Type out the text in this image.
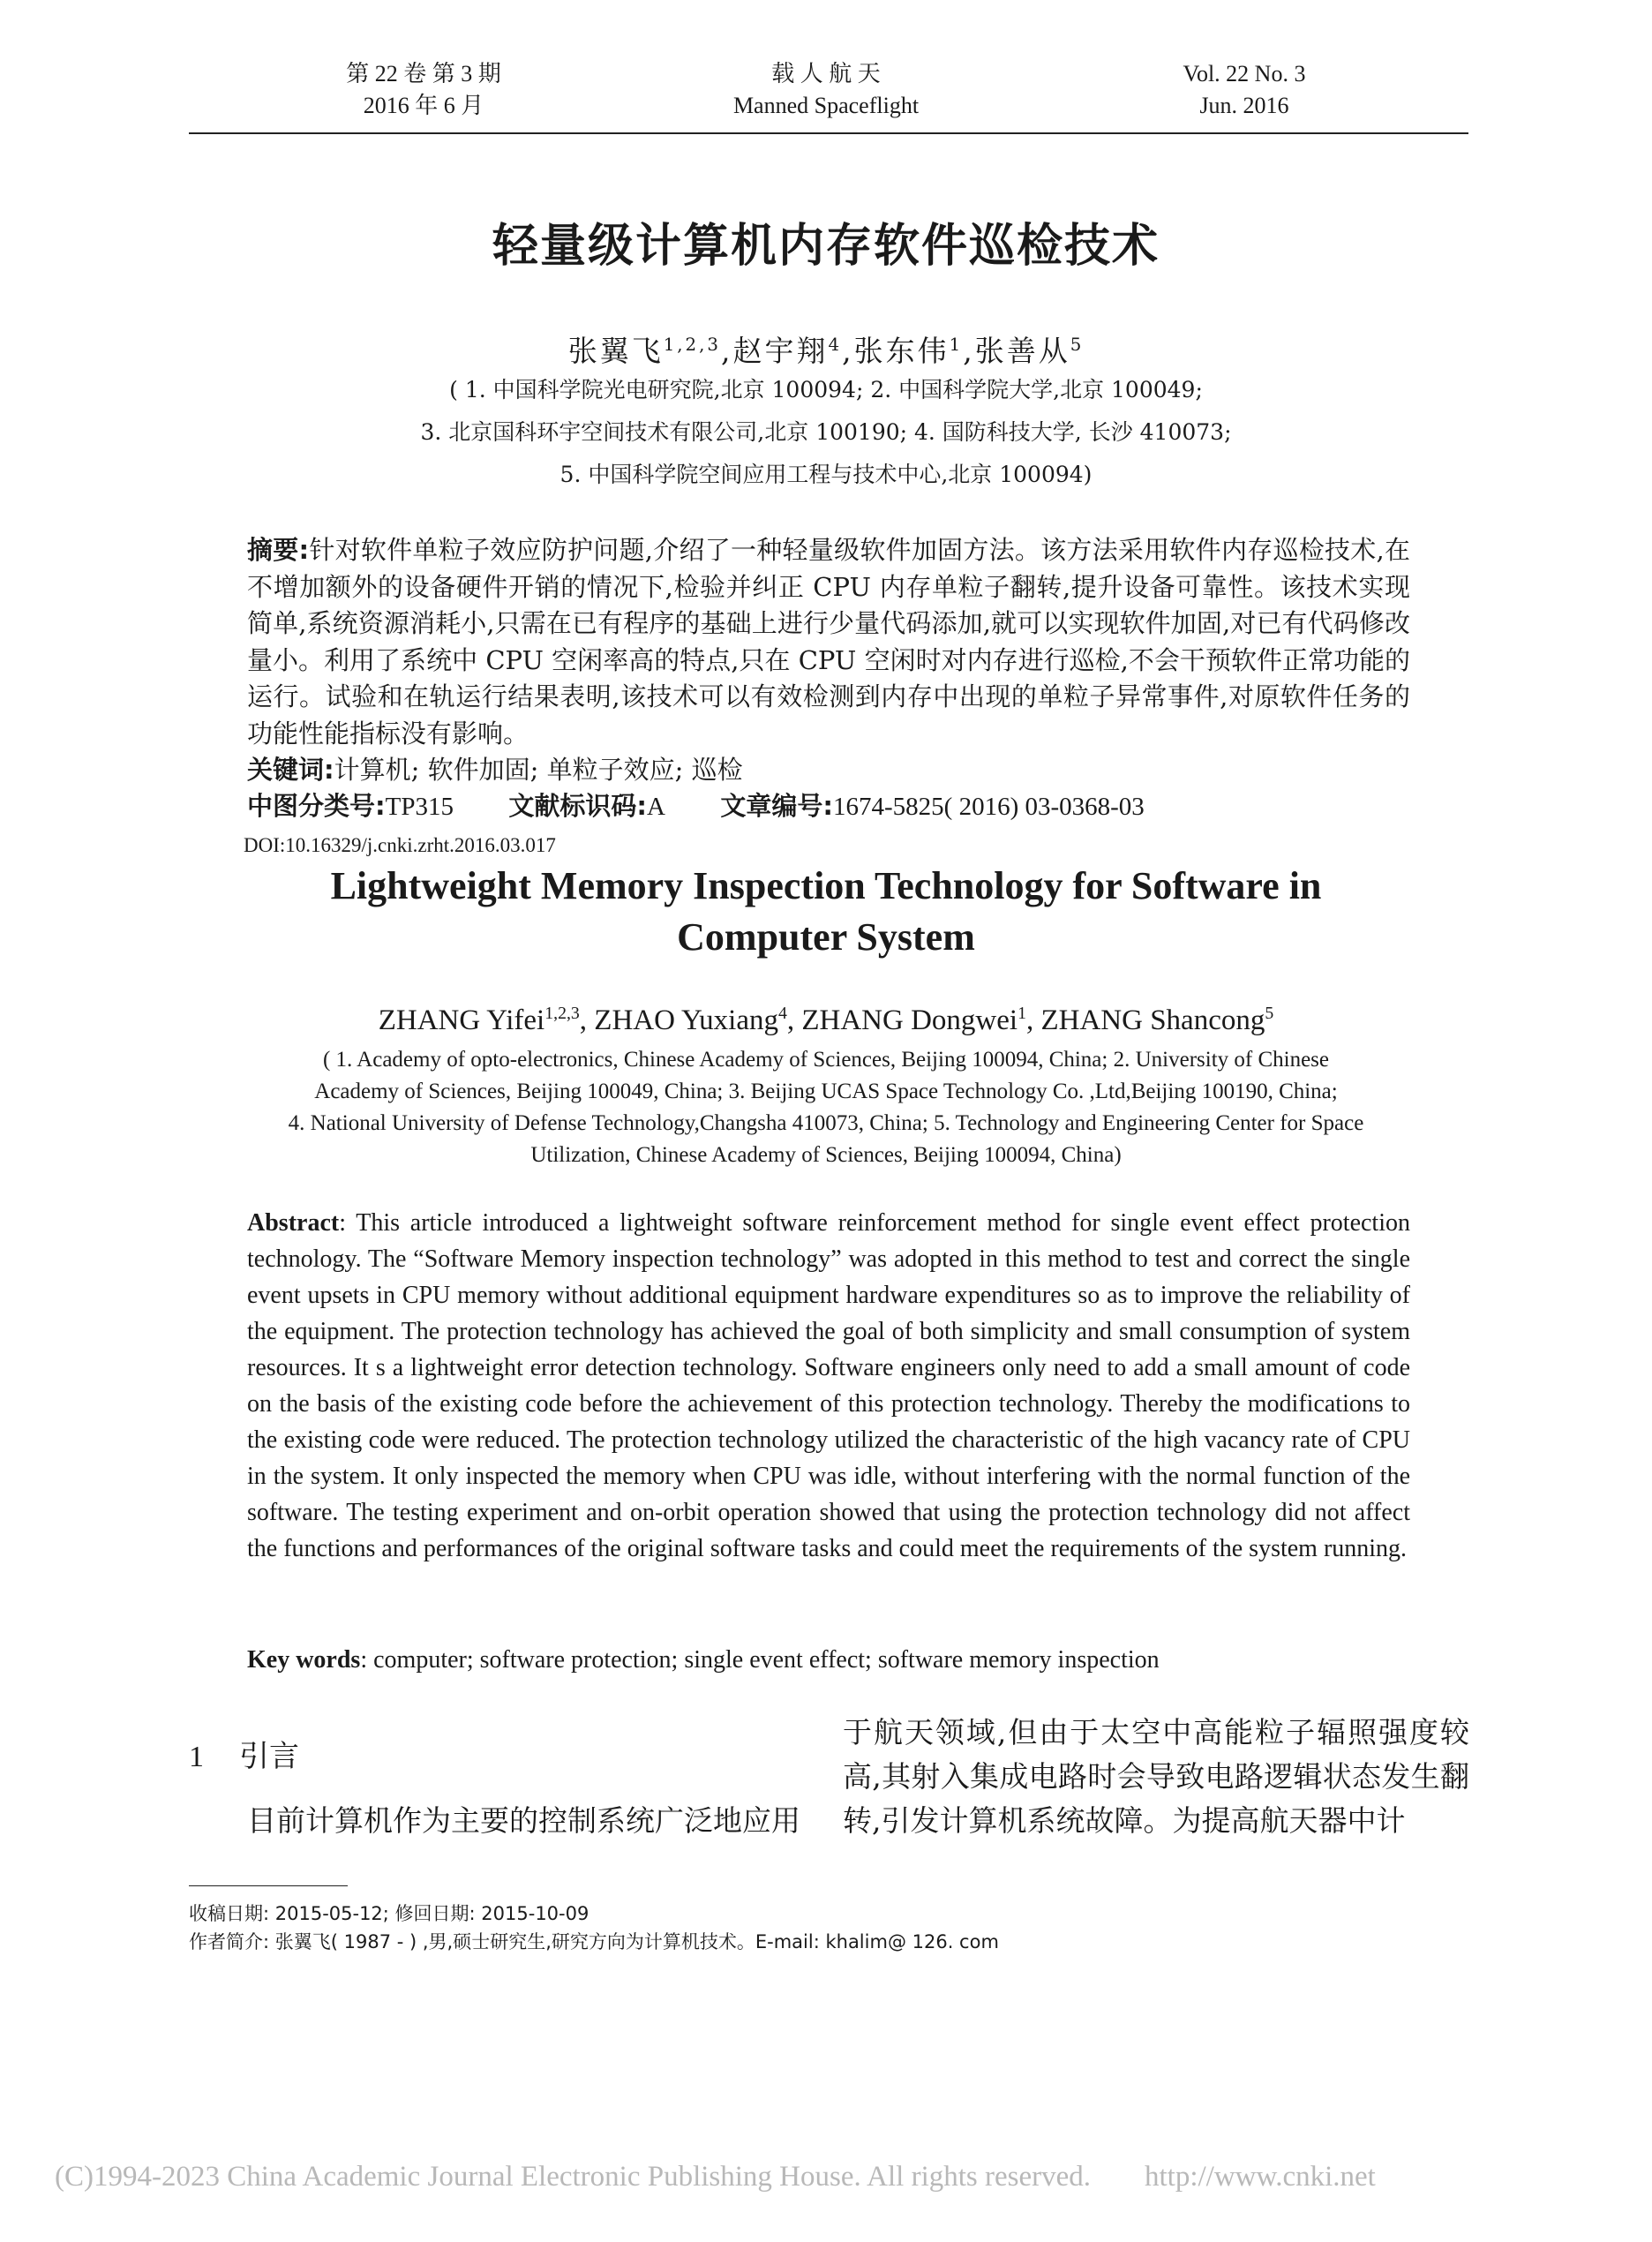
第 22 卷 第 3 期
2016 年 6 月
载 人 航 天
Manned Spaceflight
Vol. 22 No. 3
Jun. 2016
轻量级计算机内存软件巡检技术
张翼飞$^{1,2,3}$,赵宇翔$^4$,张东伟$^1$,张善从$^5$
( 1. 中国科学院光电研究院,北京 100094; 2. 中国科学院大学,北京 100049;
3. 北京国科环宇空间技术有限公司,北京 100190; 4. 国防科技大学, 长沙 410073;
5. 中国科学院空间应用工程与技术中心,北京 100094)
摘要:针对软件单粒子效应防护问题,介绍了一种轻量级软件加固方法。该方法采用软件内存巡检技术,在不增加额外的设备硬件开销的情况下,检验并纠正 CPU 内存单粒子翻转,提升设备可靠性。该技术实现简单,系统资源消耗小,只需在已有程序的基础上进行少量代码添加,就可以实现软件加固,对已有代码修改量小。利用了系统中 CPU 空闲率高的特点,只在 CPU 空闲时对内存进行巡检,不会干预软件正常功能的运行。试验和在轨运行结果表明,该技术可以有效检测到内存中出现的单粒子异常事件,对原软件任务的功能性能指标没有影响。
关键词:计算机; 软件加固; 单粒子效应; 巡检
中图分类号:TP315 文献标识码:A 文章编号:1674-5825( 2016) 03-0368-03
DOI:10.16329/j.cnki.zrht.2016.03.017
Lightweight Memory Inspection Technology for Software in
Computer System
ZHANG Yifei$^{1,2,3}$, ZHAO Yuxiang$^4$, ZHANG Dongwei$^1$, ZHANG Shancong$^5$
( 1. Academy of opto-electronics, Chinese Academy of Sciences, Beijing 100094, China; 2. University of Chinese
Academy of Sciences, Beijing 100049, China; 3. Beijing UCAS Space Technology Co. ,Ltd,Beijing 100190, China;
4. National University of Defense Technology,Changsha 410073, China; 5. Technology and Engineering Center for Space
Utilization, Chinese Academy of Sciences, Beijing 100094, China)
Abstract: This article introduced a lightweight software reinforcement method for single event effect protection technology. The “Software Memory inspection technology” was adopted in this method to test and correct the single event upsets in CPU memory without additional equipment hardware expenditures so as to improve the reliability of the equipment. The protection technology has achieved the goal of both simplicity and small consumption of system resources. It s a lightweight error detection technology. Software engineers only need to add a small amount of code on the basis of the existing code before the achievement of this protection technology. Thereby the modifications to the existing code were reduced. The protection technology utilized the characteristic of the high vacancy rate of CPU in the system. It only inspected the memory when CPU was idle, without interfering with the normal function of the software. The testing experiment and on-orbit operation showed that using the protection technology did not affect the functions and performances of the original software tasks and could meet the requirements of the system running.
Key words: computer; software protection; single event effect; software memory inspection
1 引言
目前计算机作为主要的控制系统广泛地应用
于航天领域,但由于太空中高能粒子辐照强度较高,其射入集成电路时会导致电路逻辑状态发生翻转,引发计算机系统故障。为提高航天器中计
收稿日期: 2015-05-12; 修回日期: 2015-10-09
作者简介: 张翼飞( 1987 - ) ,男,硕士研究生,研究方向为计算机技术。E-mail: khalim@ 126. com
(C)1994-2023 China Academic Journal Electronic Publishing House. All rights reserved. http://www.cnki.net
